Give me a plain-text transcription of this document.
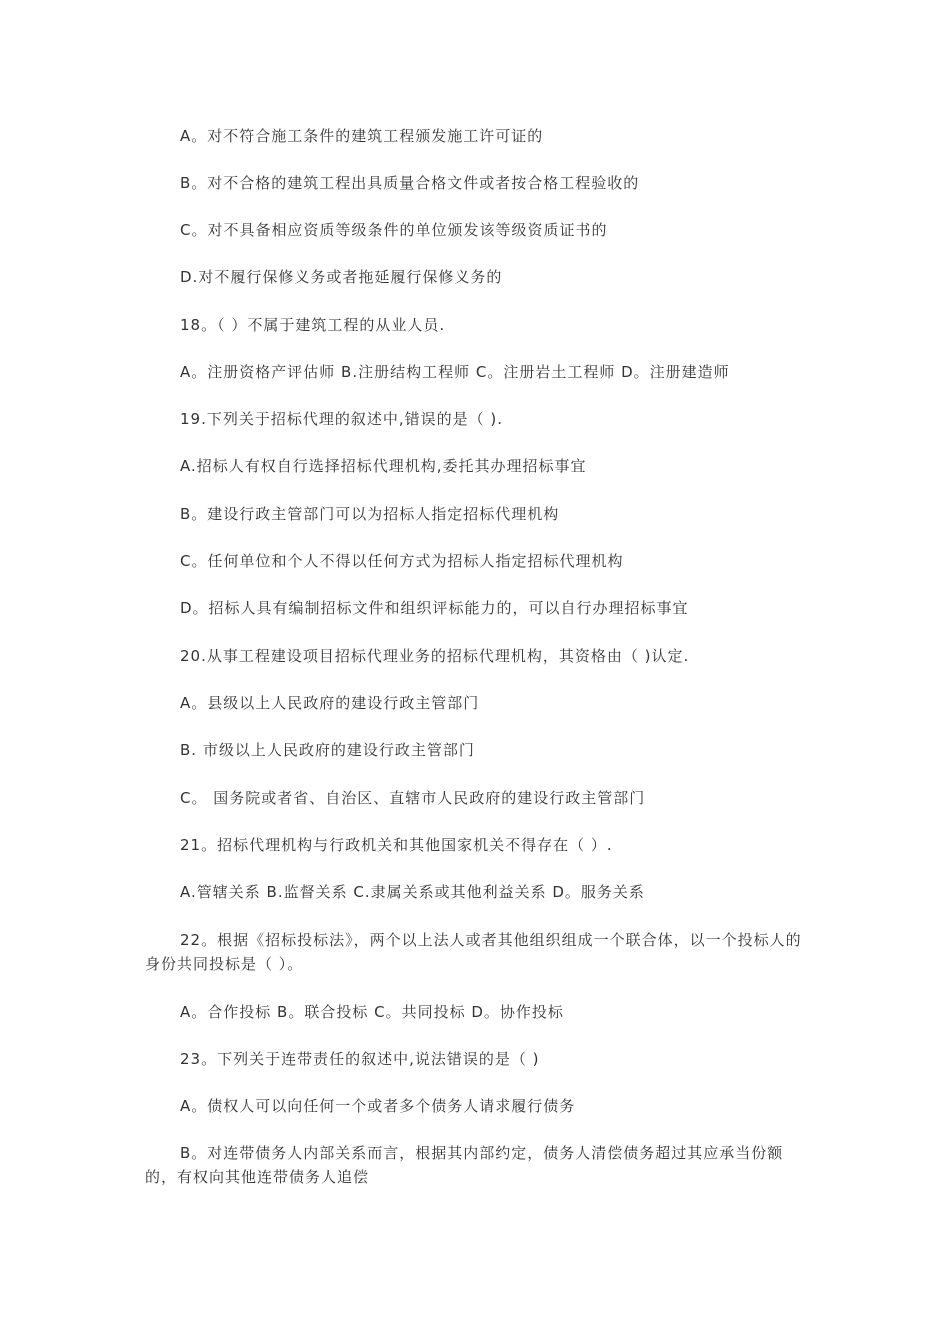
A。对不符合施工条件的建筑工程颁发施工许可证的

B。对不合格的建筑工程出具质量合格文件或者按合格工程验收的

C。对不具备相应资质等级条件的单位颁发该等级资质证书的

D.对不履行保修义务或者拖延履行保修义务的

18。（ ）不属于建筑工程的从业人员.

A。注册资格产评估师 B.注册结构工程师 C。注册岩土工程师 D。注册建造师

19.下列关于招标代理的叙述中,错误的是（ ).

A.招标人有权自行选择招标代理机构,委托其办理招标事宜

B。建设行政主管部门可以为招标人指定招标代理机构

C。任何单位和个人不得以任何方式为招标人指定招标代理机构

D。招标人具有编制招标文件和组织评标能力的，可以自行办理招标事宜

20.从事工程建设项目招标代理业务的招标代理机构，其资格由（ )认定.

A。县级以上人民政府的建设行政主管部门

B. 市级以上人民政府的建设行政主管部门

C。 国务院或者省、自治区、直辖市人民政府的建设行政主管部门

21。招标代理机构与行政机关和其他国家机关不得存在（ ）.

A.管辖关系 B.监督关系 C.隶属关系或其他利益关系 D。服务关系

22。根据《招标投标法》，两个以上法人或者其他组织组成一个联合体，以一个投标人的身份共同投标是（ ）。

A。合作投标 B。联合投标 C。共同投标 D。协作投标

23。下列关于连带责任的叙述中,说法错误的是（ )

A。债权人可以向任何一个或者多个债务人请求履行债务

B。对连带债务人内部关系而言，根据其内部约定，债务人清偿债务超过其应承当份额的，有权向其他连带债务人追偿
